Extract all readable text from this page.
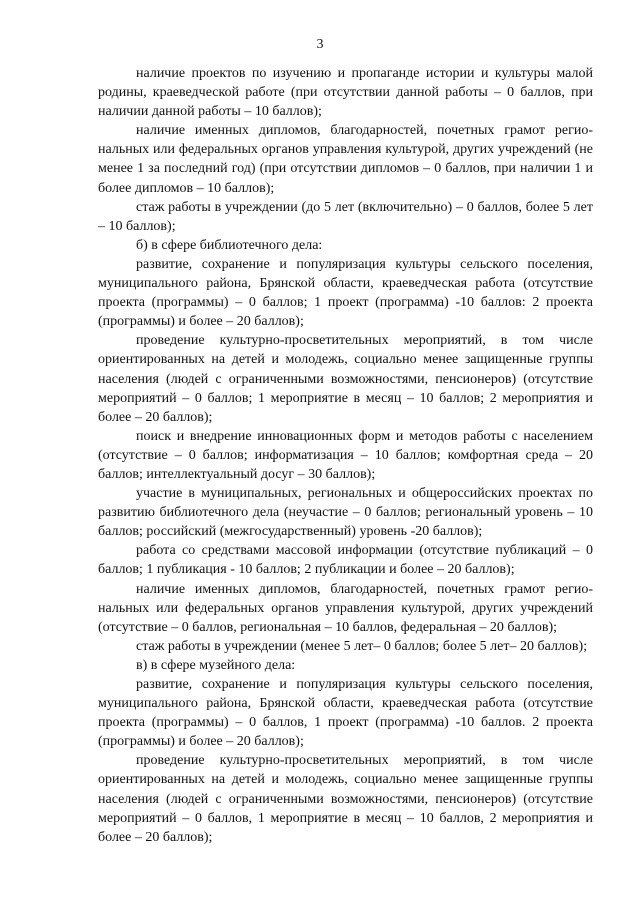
3

наличие проектов по изучению и пропаганде истории и культуры малой родины, краеведческой работе (при отсутствии данной работы – 0 баллов, при наличии данной работы – 10 баллов);

наличие именных дипломов, благодарностей, почетных грамот региональных или федеральных органов управления культурой, других учреждений (не менее 1 за последний год) (при отсутствии дипломов – 0 баллов, при наличии 1 и более дипломов – 10 баллов);

стаж работы в учреждении (до 5 лет (включительно) – 0 баллов, более 5 лет – 10 баллов);

б) в сфере библиотечного дела:

развитие, сохранение и популяризация культуры сельского поселения, муниципального района, Брянской области, краеведческая работа (отсутствие проекта (программы) – 0 баллов; 1 проект (программа) -10 баллов: 2 проекта (программы) и более – 20 баллов);

проведение культурно-просветительных мероприятий, в том числе ориентированных на детей и молодежь, социально менее защищенные группы населения (людей с ограниченными возможностями, пенсионеров) (отсутствие мероприятий – 0 баллов; 1 мероприятие в месяц – 10 баллов; 2 мероприятия и более – 20 баллов);

поиск и внедрение инновационных форм и методов работы с населением (отсутствие – 0 баллов; информатизация – 10 баллов; комфортная среда – 20 баллов; интеллектуальный досуг – 30 баллов);

участие в муниципальных, региональных и общероссийских проектах по развитию библиотечного дела (неучастие – 0 баллов; региональный уровень – 10 баллов; российский (межгосударственный) уровень -20 баллов);

работа со средствами массовой информации (отсутствие публикаций – 0 баллов; 1 публикация - 10 баллов; 2 публикации и более – 20 баллов);

наличие именных дипломов, благодарностей, почетных грамот региональных или федеральных органов управления культурой, других учреждений (отсутствие – 0 баллов, региональная – 10 баллов, федеральная – 20 баллов);

стаж работы в учреждении (менее 5 лет– 0 баллов; более 5 лет– 20 баллов);

в) в сфере музейного дела:

развитие, сохранение и популяризация культуры сельского поселения, муниципального района, Брянской области, краеведческая работа (отсутствие проекта (программы) – 0 баллов, 1 проект (программа) -10 баллов. 2 проекта (программы) и более – 20 баллов);

проведение культурно-просветительных мероприятий, в том числе ориентированных на детей и молодежь, социально менее защищенные группы населения (людей с ограниченными возможностями, пенсионеров) (отсутствие мероприятий – 0 баллов, 1 мероприятие в месяц – 10 баллов, 2 мероприятия и более – 20 баллов);
